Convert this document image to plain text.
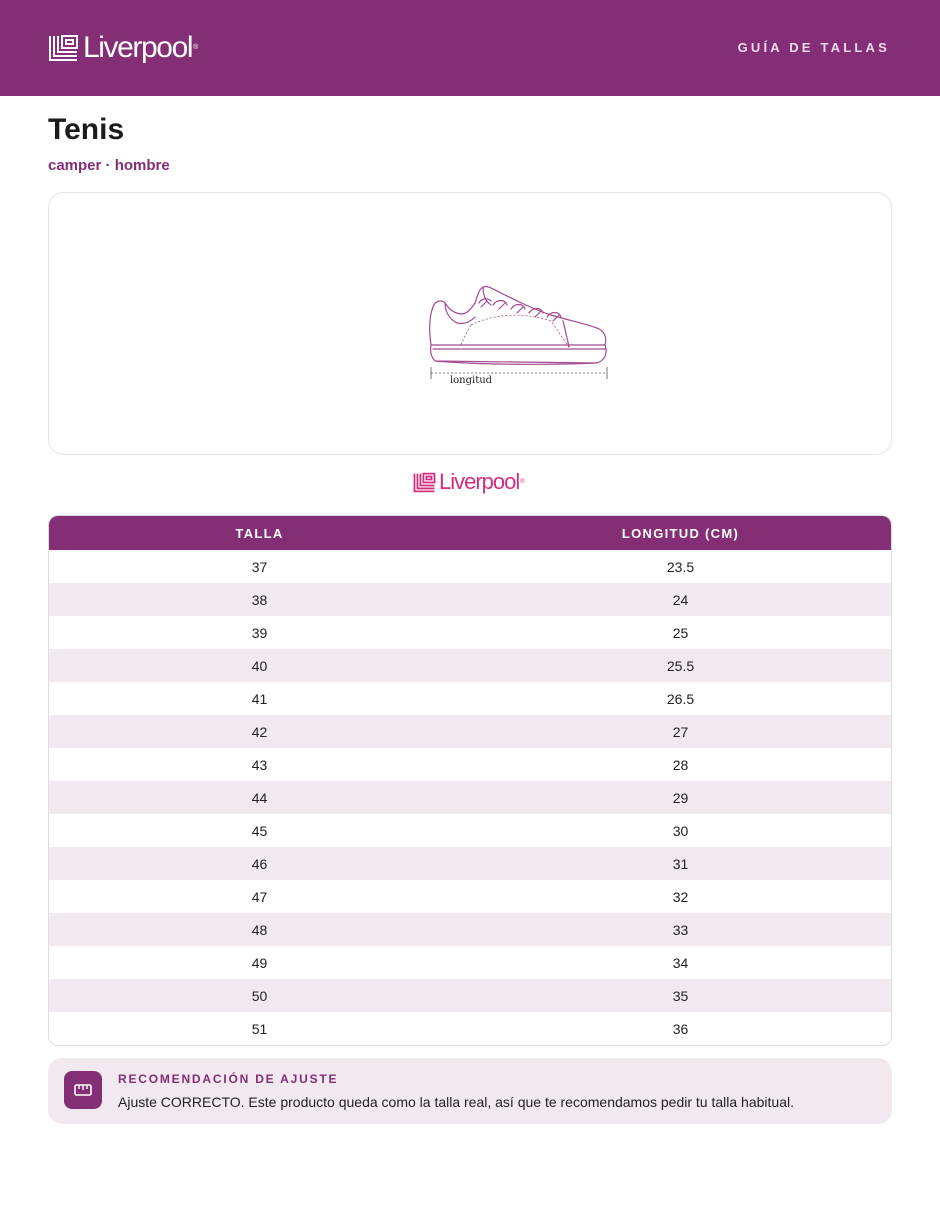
Liverpool ®	GUÍA DE TALLAS
Tenis
camper · hombre
longitud
Liverpool ®
TALLA	LONGITUD (CM)
37	23.5
38	24
39	25
40	25.5
41	26.5
42	27
43	28
44	29
45	30
46	31
47	32
48	33
49	34
50	35
51	36
RECOMENDACIÓN DE AJUSTE
Ajuste CORRECTO. Este producto queda como la talla real, así que te recomendamos pedir tu talla habitual.
